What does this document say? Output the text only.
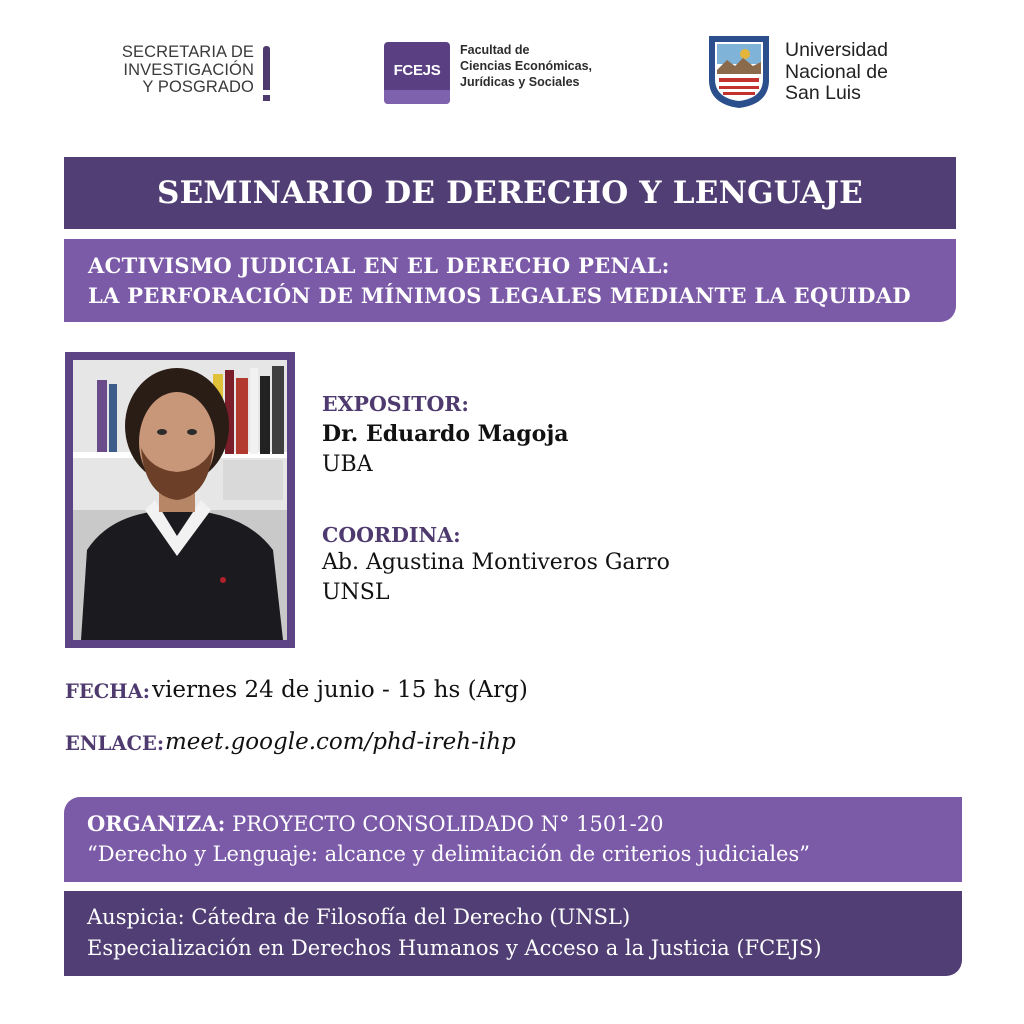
SECRETARIA DE
INVESTIGACIÓN
Y POSGRADO
FCEJS
Facultad de
Ciencias Económicas,
Jurídicas y Sociales
Universidad
Nacional de
San Luis
SEMINARIO DE DERECHO Y LENGUAJE
ACTIVISMO JUDICIAL EN EL DERECHO PENAL:
LA PERFORACIÓN DE MÍNIMOS LEGALES MEDIANTE LA EQUIDAD
EXPOSITOR:
Dr. Eduardo Magoja
UBA
COORDINA:
Ab. Agustina Montiveros Garro
UNSL
FECHA: viernes 24 de junio - 15 hs (Arg)
ENLACE: meet.google.com/phd-ireh-ihp
ORGANIZA: PROYECTO CONSOLIDADO N° 1501-20
“Derecho y Lenguaje: alcance y delimitación de criterios judiciales”
Auspicia: Cátedra de Filosofía del Derecho (UNSL)
Especialización en Derechos Humanos y Acceso a la Justicia (FCEJS)
